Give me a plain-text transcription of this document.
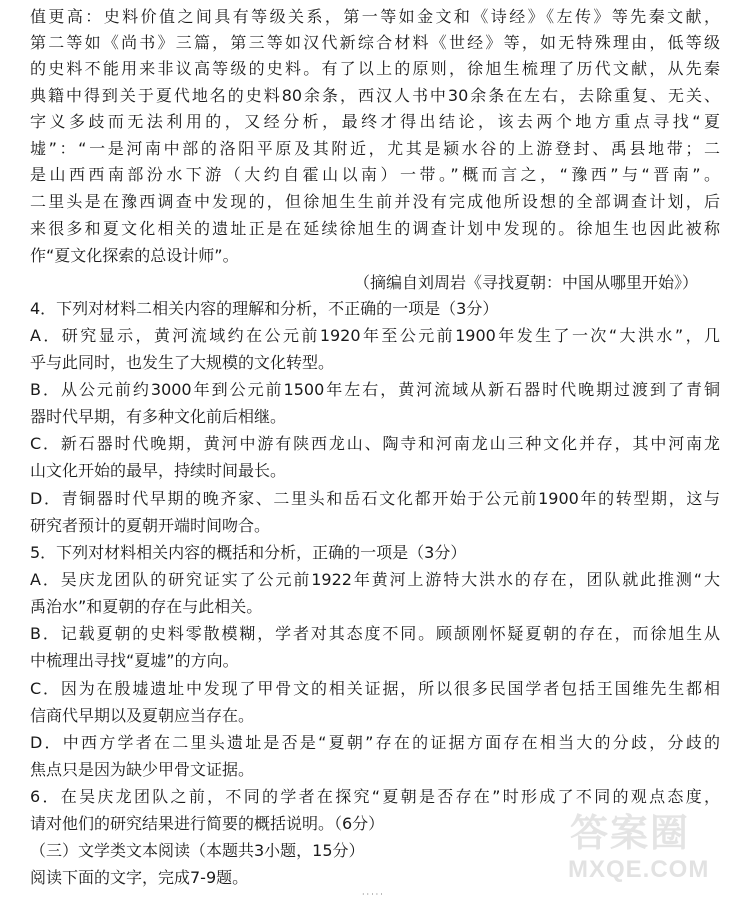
值更高：史料价值之间具有等级关系，第一等如金文和《诗经》《左传》等先秦文献，
第二等如《尚书》三篇，第三等如汉代新综合材料《世经》等，如无特殊理由，低等级
的史料不能用来非议高等级的史料。有了以上的原则，徐旭生梳理了历代文献，从先秦
典籍中得到关于夏代地名的史料80余条，西汉人书中30余条在左右，去除重复、无关、
字义多歧而无法利用的，又经分析，最终才得出结论，该去两个地方重点寻找“夏
墟”：“一是河南中部的洛阳平原及其附近，尤其是颍水谷的上游登封、禹县地带；二
是山西西南部汾水下游（大约自霍山以南）一带。”概而言之，“豫西”与“晋南”。
二里头是在豫西调查中发现的，但徐旭生生前并没有完成他所设想的全部调查计划，后
来很多和夏文化相关的遗址正是在延续徐旭生的调查计划中发现的。徐旭生也因此被称
作“夏文化探索的总设计师”。
（摘编自刘周岩《寻找夏朝：中国从哪里开始》）
4．下列对材料二相关内容的理解和分析，不正确的一项是（3分）
A．研究显示，黄河流域约在公元前1920年至公元前1900年发生了一次“大洪水”，几
乎与此同时，也发生了大规模的文化转型。
B．从公元前约3000年到公元前1500年左右，黄河流域从新石器时代晚期过渡到了青铜
器时代早期，有多种文化前后相继。
C．新石器时代晚期，黄河中游有陕西龙山、陶寺和河南龙山三种文化并存，其中河南龙
山文化开始的最早，持续时间最长。
D．青铜器时代早期的晚齐家、二里头和岳石文化都开始于公元前1900年的转型期，这与
研究者预计的夏朝开端时间吻合。
5．下列对材料相关内容的概括和分析，正确的一项是（3分）
A．吴庆龙团队的研究证实了公元前1922年黄河上游特大洪水的存在，团队就此推测“大
禹治水”和夏朝的存在与此相关。
B．记载夏朝的史料零散模糊，学者对其态度不同。顾颉刚怀疑夏朝的存在，而徐旭生从
中梳理出寻找“夏墟”的方向。
C．因为在殷墟遗址中发现了甲骨文的相关证据，所以很多民国学者包括王国维先生都相
信商代早期以及夏朝应当存在。
D．中西方学者在二里头遗址是否是“夏朝”存在的证据方面存在相当大的分歧，分歧的
焦点只是因为缺少甲骨文证据。
6．在吴庆龙团队之前，不同的学者在探究“夏朝是否存在”时形成了不同的观点态度，
请对他们的研究结果进行简要的概括说明。（6分）
（三）文学类文本阅读（本题共3小题，15分）
阅读下面的文字，完成7-9题。
答案圈
MXQE.COM
·····
